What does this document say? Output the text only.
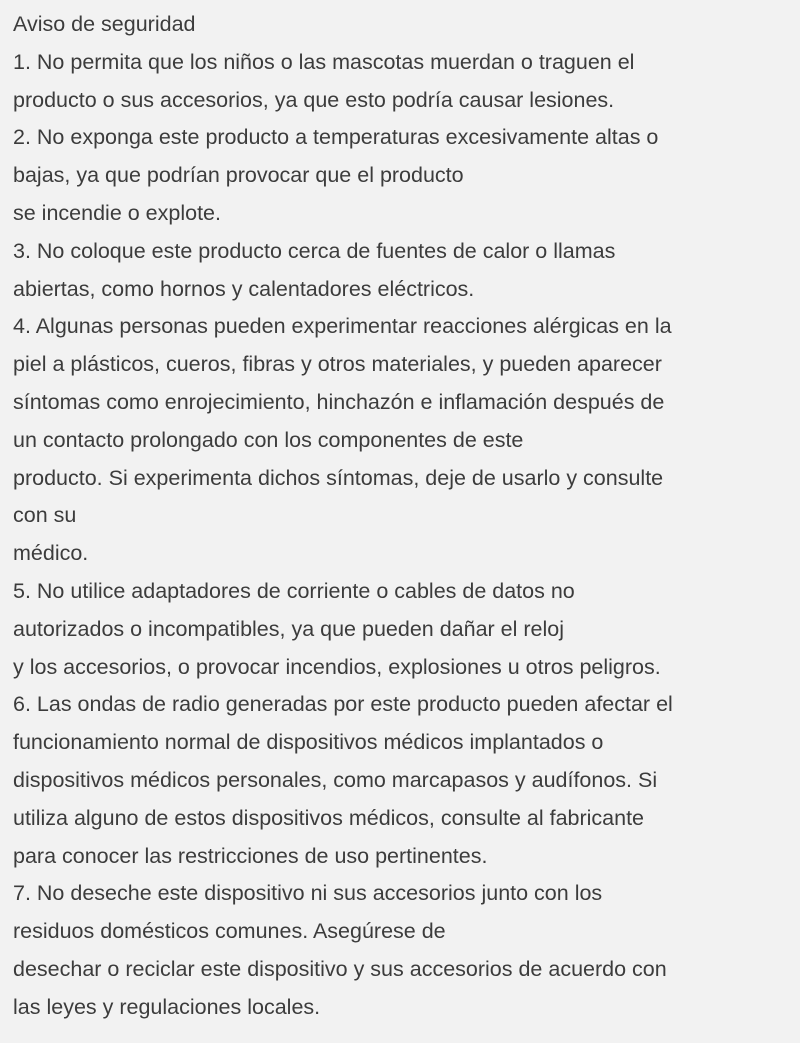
Aviso de seguridad
1. No permita que los niños o las mascotas muerdan o traguen el
producto o sus accesorios, ya que esto podría causar lesiones.
2. No exponga este producto a temperaturas excesivamente altas o
bajas, ya que podrían provocar que el producto
se incendie o explote.
3. No coloque este producto cerca de fuentes de calor o llamas
abiertas, como hornos y calentadores eléctricos.
4. Algunas personas pueden experimentar reacciones alérgicas en la
piel a plásticos, cueros, fibras y otros materiales, y pueden aparecer
síntomas como enrojecimiento, hinchazón e inflamación después de
un contacto prolongado con los componentes de este
producto. Si experimenta dichos síntomas, deje de usarlo y consulte
con su
médico.
5. No utilice adaptadores de corriente o cables de datos no
autorizados o incompatibles, ya que pueden dañar el reloj
y los accesorios, o provocar incendios, explosiones u otros peligros.
6. Las ondas de radio generadas por este producto pueden afectar el
funcionamiento normal de dispositivos médicos implantados o
dispositivos médicos personales, como marcapasos y audífonos. Si
utiliza alguno de estos dispositivos médicos, consulte al fabricante
para conocer las restricciones de uso pertinentes.
7. No deseche este dispositivo ni sus accesorios junto con los
residuos domésticos comunes. Asegúrese de
desechar o reciclar este dispositivo y sus accesorios de acuerdo con
las leyes y regulaciones locales.
